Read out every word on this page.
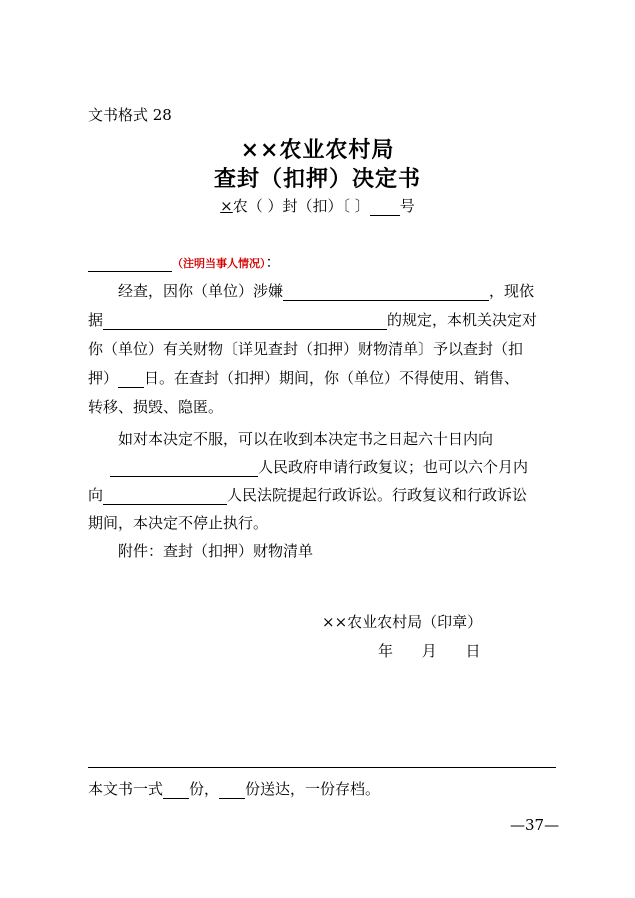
文书格式 28
××农业农村局
查封（扣押）决定书
×农（ ）封（扣）〔 〕 号
（注明当事人情况）：
经查，因你（单位）涉嫌	，现依
据	的规定，本机关决定对
你（单位）有关财物〔详见查封（扣押）财物清单〕予以查封（扣
押） 日。在查封（扣押）期间，你（单位）不得使用、销售、
转移、损毁、隐匿。
如对本决定不服，可以在收到本决定书之日起六十日内向
人民政府申请行政复议；也可以六个月内
向	人民法院提起行政诉讼。行政复议和行政诉讼
期间，本决定不停止执行。
附件：查封（扣押）财物清单
××农业农村局（印章）
年 月 日
本文书一式 份， 份送达，一份存档。
—37—
